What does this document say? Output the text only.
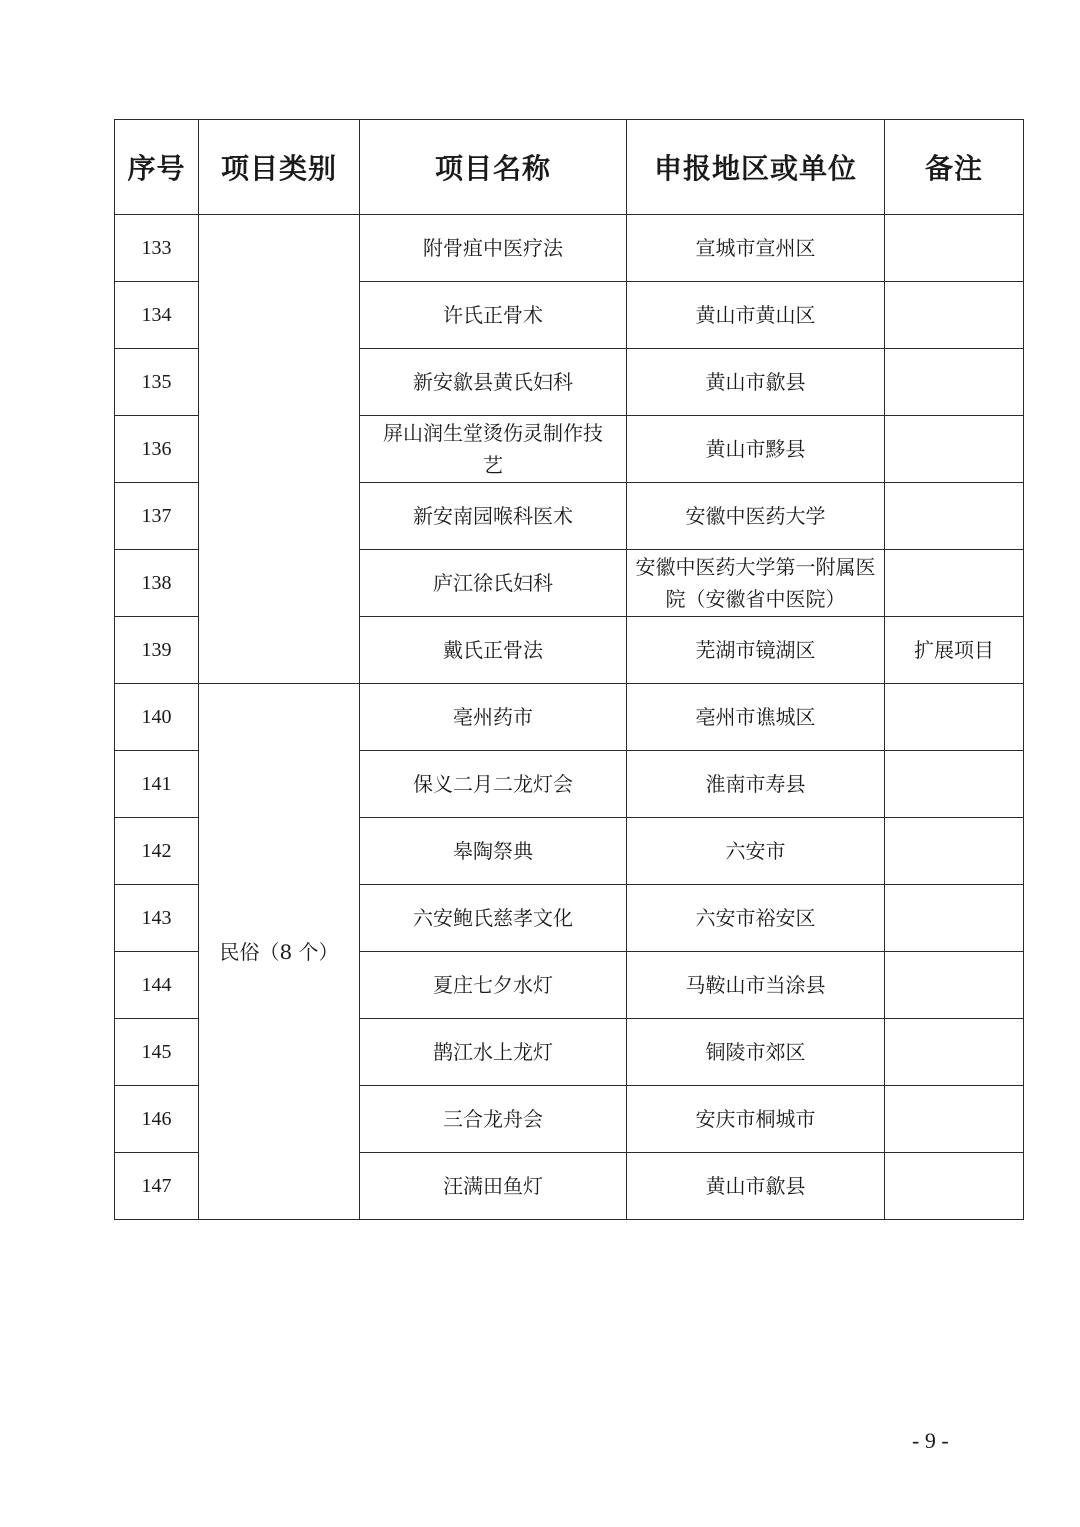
序号	项目类别	项目名称	申报地区或单位	备注
133		附骨疽中医疗法	宣城市宣州区	
134		许氏正骨术	黄山市黄山区	
135		新安歙县黄氏妇科	黄山市歙县	
136		屏山润生堂烫伤灵制作技艺	黄山市黟县	
137		新安南园喉科医术	安徽中医药大学	
138		庐江徐氏妇科	安徽中医药大学第一附属医院（安徽省中医院）	
139		戴氏正骨法	芜湖市镜湖区	扩展项目
140	民俗（8 个）	亳州药市	亳州市谯城区	
141		保义二月二龙灯会	淮南市寿县	
142		皋陶祭典	六安市	
143		六安鲍氏慈孝文化	六安市裕安区	
144		夏庄七夕水灯	马鞍山市当涂县	
145		鹊江水上龙灯	铜陵市郊区	
146		三合龙舟会	安庆市桐城市	
147		汪满田鱼灯	黄山市歙县	
- 9 -
